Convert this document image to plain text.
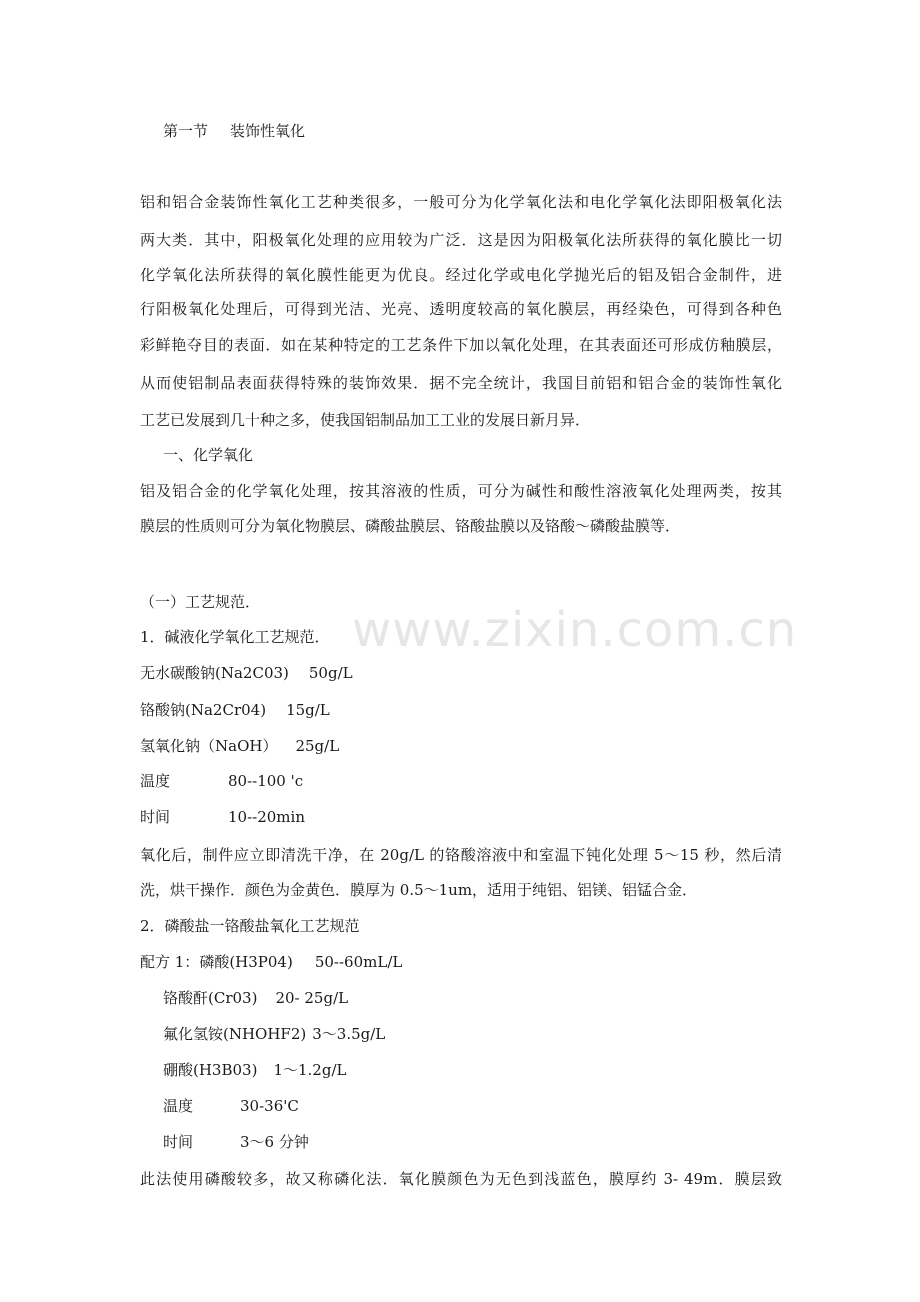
www.zixin.com.cn
第一节 装饰性氧化
铝和铝合金装饰性氧化工艺种类很多，一般可分为化学氧化法和电化学氧化法即阳极氧化法
两大类．其中，阳极氧化处理的应用较为广泛．这是因为阳极氧化法所获得的氧化膜比一切
化学氧化法所获得的氧化膜性能更为优良。经过化学或电化学抛光后的铝及铝合金制件，进
行阳极氧化处理后，可得到光洁、光亮、透明度较高的氧化膜层，再经染色，可得到各种色
彩鲜艳夺目的表面．如在某种特定的工艺条件下加以氧化处理，在其表面还可形成仿釉膜层，
从而使铝制品表面获得特殊的装饰效果．据不完全统计，我国目前铝和铝合金的装饰性氧化
工艺已发展到几十种之多，使我国铝制品加工工业的发展日新月异．
一、化学氧化
铝及铝合金的化学氧化处理，按其溶液的性质，可分为碱性和酸性溶液氧化处理两类，按其
膜层的性质则可分为氧化物膜层、磷酸盐膜层、铬酸盐膜以及铬酸～磷酸盐膜等．
（一）工艺规范．
1．碱液化学氧化工艺规范．
无水碳酸钠(Na2C03) 50g/L
铬酸钠(Na2Cr04) 15g/L
氢氧化钠（NaOH） 25g/L
温度	80--100 'c
时间	10--20min
氧化后，制件应立即清洗干净，在 20g/L 的铬酸溶液中和室温下钝化处理 5～15 秒，然后清
洗，烘干操作．颜色为金黄色．膜厚为 0.5～1um，适用于纯铝、铝镁、铝锰合金．
2．磷酸盐一铬酸盐氧化工艺规范
配方 1：磷酸(H3P04) 50--60mL/L
铬酸酐(Cr03) 20- 25g/L
氟化氢铵(NHOHF2) 3～3.5g/L
硼酸(H3B03) 1～1.2g/L
温度	30-36'C
时间	3～6 分钟
此法使用磷酸较多，故又称磷化法．氧化膜颜色为无色到浅蓝色，膜厚约 3- 49m．膜层致
